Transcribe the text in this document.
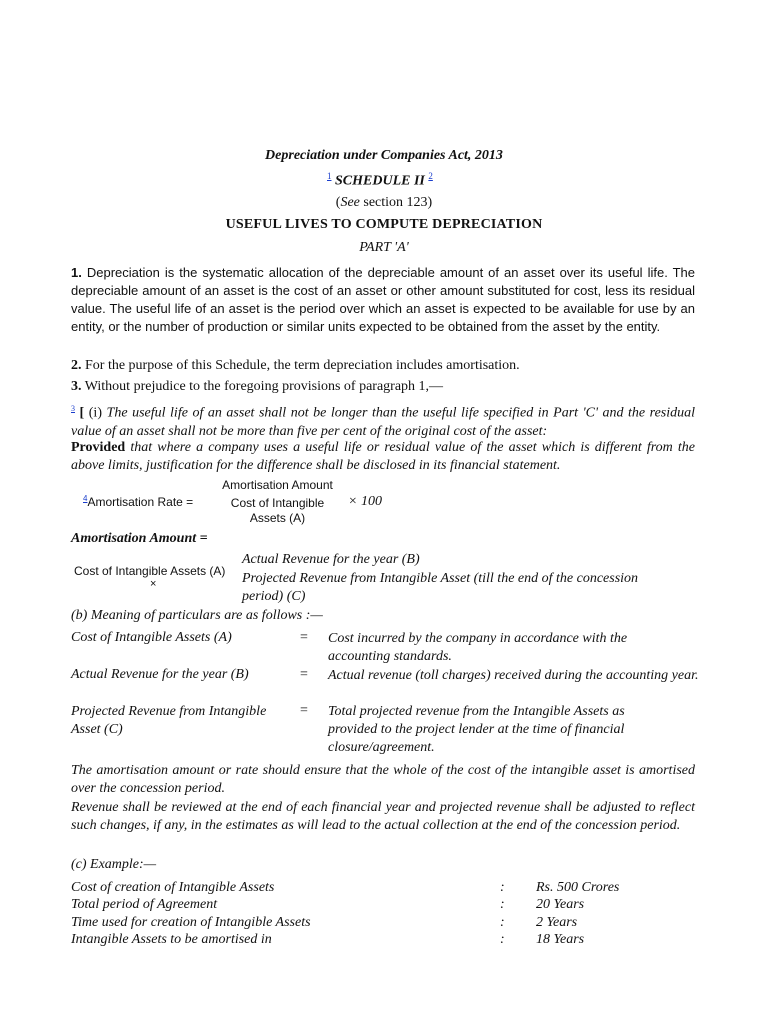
Depreciation under Companies Act, 2013
$^1$ SCHEDULE II $^2$
(See section 123)
USEFUL LIVES TO COMPUTE DEPRECIATION
PART 'A'
1. Depreciation is the systematic allocation of the depreciable amount of an asset over its useful life. The depreciable amount of an asset is the cost of an asset or other amount substituted for cost, less its residual value. The useful life of an asset is the period over which an asset is expected to be available for use by an entity, or the number of production or similar units expected to be obtained from the asset by the entity.
2. For the purpose of this Schedule, the term depreciation includes amortisation.
3. Without prejudice to the foregoing provisions of paragraph 1,—
$^3$ [ (i) The useful life of an asset shall not be longer than the useful life specified in Part 'C' and the residual value of an asset shall not be more than five per cent of the original cost of the asset:
Provided that where a company uses a useful life or residual value of the asset which is different from the above limits, justification for the difference shall be disclosed in its financial statement.
$^4$Amortisation Rate =
Amortisation Amount
Cost of Intangible Assets (A)
× 100
Amortisation Amount =
Cost of Intangible Assets (A)
×
Actual Revenue for the year (B)
Projected Revenue from Intangible Asset (till the end of the concession period) (C)
(b) Meaning of particulars are as follows :—
Cost of Intangible Assets (A)	= Cost incurred by the company in accordance with the accounting standards.
Actual Revenue for the year (B)	= Actual revenue (toll charges) received during the accounting year.
Projected Revenue from Intangible Asset (C)
= Total projected revenue from the Intangible Assets as provided to the project lender at the time of financial closure/agreement.
The amortisation amount or rate should ensure that the whole of the cost of the intangible asset is amortised over the concession period.
Revenue shall be reviewed at the end of each financial year and projected revenue shall be adjusted to reflect such changes, if any, in the estimates as will lead to the actual collection at the end of the concession period.
(c) Example:—
Cost of creation of Intangible Assets	: Rs. 500 Crores
Total period of Agreement	: 20 Years
Time used for creation of Intangible Assets	: 2 Years
Intangible Assets to be amortised in	: 18 Years
